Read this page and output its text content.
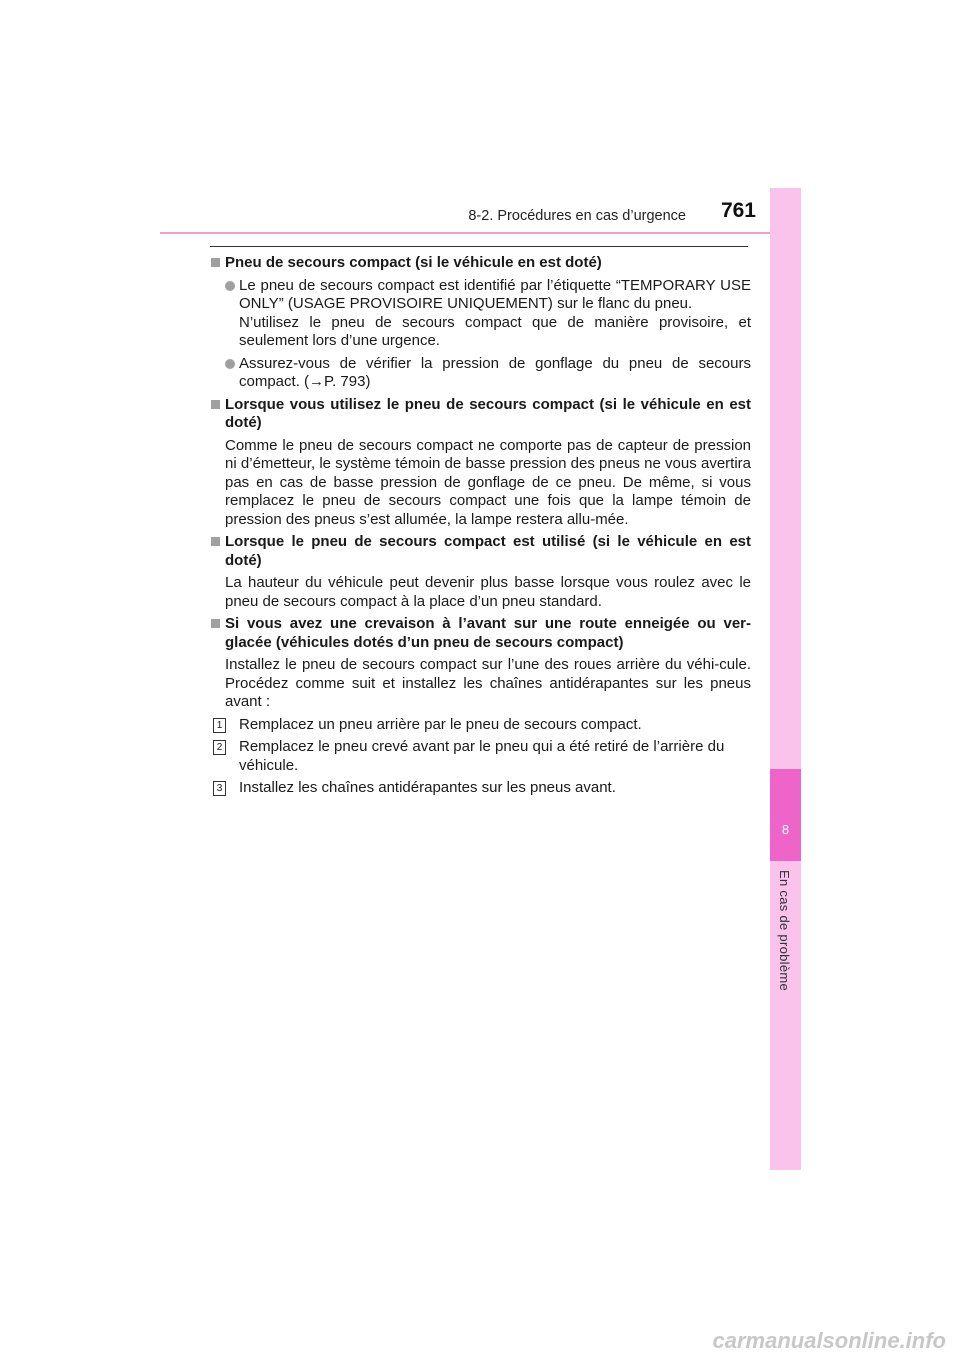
8-2. Procédures en cas d’urgence 761
8
En cas de problème
Pneu de secours compact (si le véhicule en est doté)
Le pneu de secours compact est identifié par l’étiquette “TEMPORARY USE ONLY” (USAGE PROVISOIRE UNIQUEMENT) sur le flanc du pneu.
N’utilisez le pneu de secours compact que de manière provisoire, et seulement lors d’une urgence.
Assurez-vous de vérifier la pression de gonflage du pneu de secours compact. (→P. 793)
Lorsque vous utilisez le pneu de secours compact (si le véhicule en est doté)
Comme le pneu de secours compact ne comporte pas de capteur de pression ni d’émetteur, le système témoin de basse pression des pneus ne vous avertira pas en cas de basse pression de gonflage de ce pneu. De même, si vous remplacez le pneu de secours compact une fois que la lampe témoin de pression des pneus s’est allumée, la lampe restera allu-mée.
Lorsque le pneu de secours compact est utilisé (si le véhicule en est doté)
La hauteur du véhicule peut devenir plus basse lorsque vous roulez avec le pneu de secours compact à la place d’un pneu standard.
Si vous avez une crevaison à l’avant sur une route enneigée ou ver-glacée (véhicules dotés d’un pneu de secours compact)
Installez le pneu de secours compact sur l’une des roues arrière du véhi-cule. Procédez comme suit et installez les chaînes antidérapantes sur les pneus avant :
1 Remplacez un pneu arrière par le pneu de secours compact.
2 Remplacez le pneu crevé avant par le pneu qui a été retiré de l’arrière du véhicule.
3 Installez les chaînes antidérapantes sur les pneus avant.
carmanualsonline.info
